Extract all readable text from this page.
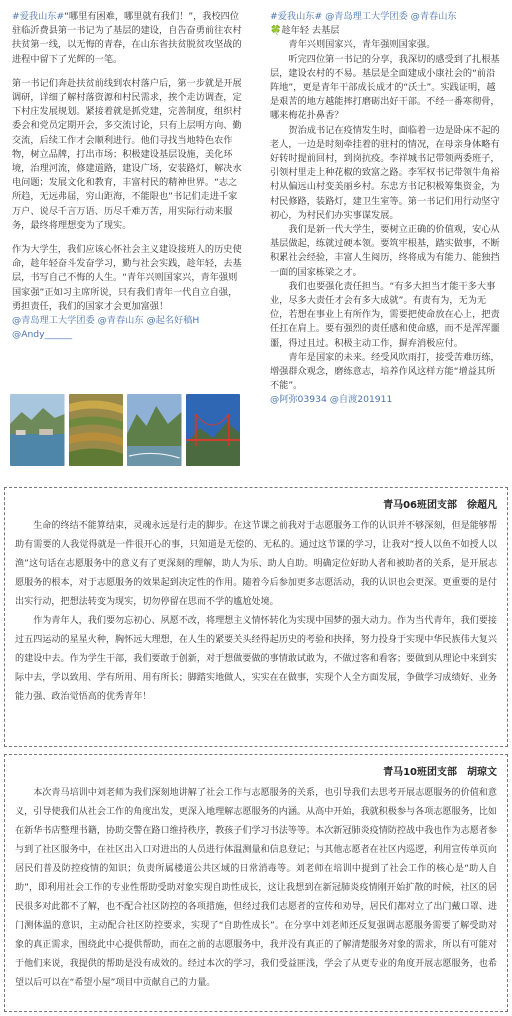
#爱我山东#“哪里有困难，哪里就有我们！”，我校四位驻临沂费县第一书记为了基层的建设，自告奋勇前往农村扶贫第一线，以无悔的青春，在山东省扶贫脱贫攻坚战的进程中留下了光辉的一笔。

第一书记们奔赴扶贫前线到农村落户后，第一步就是开展调研，详细了解村落资源和村民需求，挨个走访调查，定下村庄发展规划。紧接着就是抓党建，完善制度，组织村委会和党员定期开会，多交流讨论，只有上层明方向、勤交流，后续工作才会顺利进行。他们寻找当地特色农作物，树立品牌，打出市场；积极建设基层设施，美化环境，治理河流，修建道路，建设广场，安装路灯，解决水电问题；发展文化和教育，丰富村民的精神世界。“志之所趋，无远弗届，穷山距海，不能限也”书记们走进千家万户、说尽千言万语、历尽千难万苦，用实际行动来服务，最终将理想变为了现实。

作为大学生，我们应该心怀社会主义建设接班人的历史使命，趁年轻奋斗发奋学习，勤与社会实践，趁年轻，去基层，书写自己不悔的人生。“青年兴则国家兴，青年强则国家强”正如习主席所说，只有我们青年一代自立自强，勇担责任，我们的国家才会更加富强！

@青岛理工大学团委 @青春山东 @起名好稿H

@Andy______

#爱我山东# @青岛理工大学团委 @青春山东

🍀趁年轻 去基层

青年兴则国家兴，青年强则国家强。

听完四位第一书记的分享，我深切的感受到了扎根基层，建设农村的不易。基层是全面建成小康社会的“前沿阵地”，更是青年干部成长成才的“沃土”。实践证明，越是艰苦的地方越能摔打磨砺出好干部。不经一番寒彻骨，哪来梅花扑鼻香？

贺治成书记在疫情发生时，面临着一边是卧床不起的老人，一边是时刻牵挂着的驻村的情况，在母亲身体略有好转时提前回村，到岗抗疫。李祥城书记带领两委班子，引领村里走上种花椒的致富之路。李军权书记带领牛角裕村从偏远山村变美丽乡村。东忠方书记积极筹集资金，为村民修路，装路灯，建卫生室等。第一书记们用行动坚守初心，为村民们办实事谋发展。

我们是新一代大学生，要树立正确的价值观，安心从基层做起，练就过硬本领。要筑牢根基，踏实做事，不断积累社会经验，丰富人生阅历，终将成为有能力、能独挡一面的国家栋梁之才。

我们也要强化责任担当。“有多大担当才能干多大事业，尽多大责任才会有多大成就”。有责有为，无为无位，若想在事业上有所作为，需要把使命放在心上，把责任扛在肩上。要有强烈的责任感和使命感，而不是浑浑噩噩，得过且过。积极主动工作，摒弃消极应付。

青年是国家的未来。经受风吹雨打，接受苦难历练，增强群众观念，磨练意志，培养作风这样方能“增益其所不能”。

@阿弥03934 @自渡201911

青马06班团支部　徐超凡

生命的终结不能算结束，灵魂永远是行走的脚步。在这节课之前我对于志愿服务工作的认识并不够深刻，但是能够帮助有需要的人我觉得就是一件很开心的事，只知道是无偿的、无私的。通过这节课的学习，让我对“授人以鱼不如授人以渔”这句话在志愿服务中的意义有了更深刻的理解，助人为乐、助人自助。明确定位好助人者和被助者的关系，是开展志愿服务的根本，对于志愿服务的效果起到决定性的作用。随着今后参加更多志愿活动，我的认识也会更深。更重要的是付出实行动，把想法转变为现实，切勿停留在思而不学的尴尬处境。

作为青年人，我们要勿忘初心、夙愿不改，将理想主义情怀转化为实现中国梦的强大动力。作为当代青年，我们要接过五四运动的星星火种，胸怀远大理想，在人生的紧要关头经得起历史的考验和抉择，努力投身于实现中华民族伟大复兴的建设中去。作为学生干部，我们要敢于创新，对于想做要做的事情敢试敢为，不做过客和看客；要做到从理论中来到实际中去，学以致用、学有所用、用有所长；脚踏实地做人，实实在在做事，实现个人全方面发展，争做学习成绩好、业务能力强、政治觉悟高的优秀青年！

青马10班团支部　胡琼文

本次青马培训中刘老师为我们深刻地讲解了社会工作与志愿服务的关系，也引导我们去思考开展志愿服务的价值和意义，引导使我们从社会工作的角度出发，更深入地理解志愿服务的内涵。从高中开始，我就积极参与各项志愿服务，比如在新华书店整理书籍，协助交警在路口维持秩序，教孩子们学习书法等等。本次新冠肺炎疫情防控战中我也作为志愿者参与到了社区服务中，在社区出入口对进出的人员进行体温测量和信息登记；与其他志愿者在社区内巡逻，利用宣传单页向居民们普及防控疫情的知识；负责所属楼道公共区域的日常消毒等。刘老师在培训中提到了社会工作的核心是“助人自助”，即利用社会工作的专业性帮助受助对象实现自助性成长，这让我想到在新冠肺炎疫情刚开始扩散的时候，社区的居民很多对此都不了解，也不配合社区防控的各项措施，但经过我们志愿者的宣传和劝导，居民们都对立了出门戴口罩、进门测体温的意识，主动配合社区防控要求，实现了“自助性成长”。在分享中刘老师还反复强调志愿服务需要了解受助对象的真正需求，围绕此中心提供帮助，而在之前的志愿服务中，我并没有真正的了解清楚服务对象的需求，所以有可能对于他们来说，我提供的帮助是没有成效的。经过本次的学习，我们受益匪浅，学会了从更专业的角度开展志愿服务，也希望以后可以在“希望小屋”项目中贡献自己的力量。
